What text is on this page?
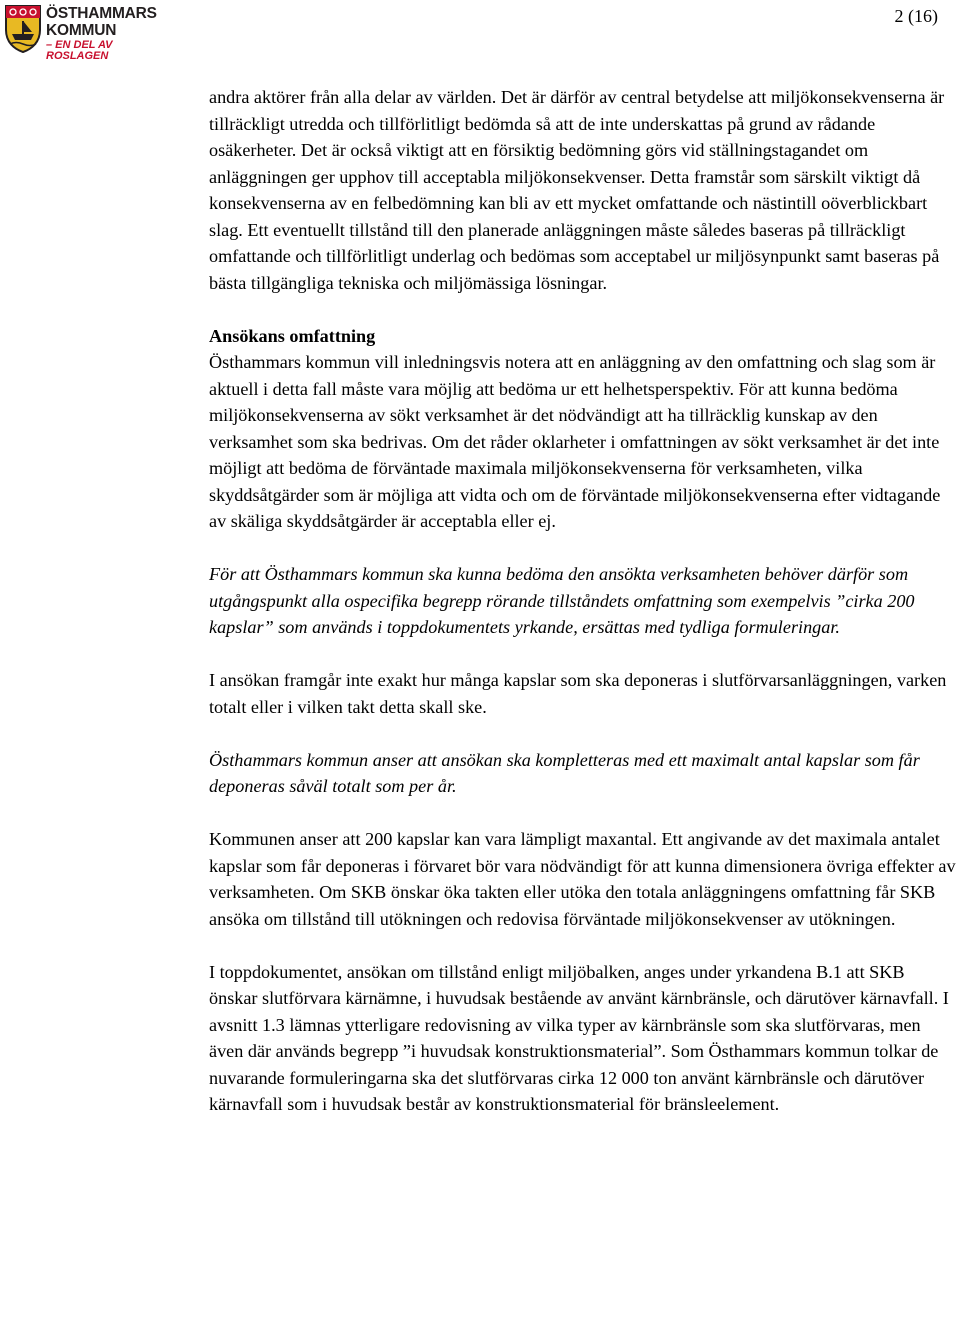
ÖSTHAMMARS
KOMMUN
– EN DEL AV ROSLAGEN
2 (16)

andra aktörer från alla delar av världen. Det är därför av central betydelse att miljökonsekvenserna är tillräckligt utredda och tillförlitligt bedömda så att de inte underskattas på grund av rådande osäkerheter. Det är också viktigt att en försiktig bedömning görs vid ställningstagandet om anläggningen ger upphov till acceptabla miljökonsekvenser. Detta framstår som särskilt viktigt då konsekvenserna av en felbedömning kan bli av ett mycket omfattande och nästintill oöverblickbart slag. Ett eventuellt tillstånd till den planerade anläggningen måste således baseras på tillräckligt omfattande och tillförlitligt underlag och bedömas som acceptabel ur miljösynpunkt samt baseras på bästa tillgängliga tekniska och miljömässiga lösningar.

Ansökans omfattning

Östhammars kommun vill inledningsvis notera att en anläggning av den omfattning och slag som är aktuell i detta fall måste vara möjlig att bedöma ur ett helhetsperspektiv. För att kunna bedöma miljökonsekvenserna av sökt verksamhet är det nödvändigt att ha tillräcklig kunskap av den verksamhet som ska bedrivas. Om det råder oklarheter i omfattningen av sökt verksamhet är det inte möjligt att bedöma de förväntade maximala miljökonsekvenserna för verksamheten, vilka skyddsåtgärder som är möjliga att vidta och om de förväntade miljökonsekvenserna efter vidtagande av skäliga skyddsåtgärder är acceptabla eller ej.

För att Östhammars kommun ska kunna bedöma den ansökta verksamheten behöver därför som utgångspunkt alla ospecifika begrepp rörande tillståndets omfattning som exempelvis ”cirka 200 kapslar” som används i toppdokumentets yrkande, ersättas med tydliga formuleringar.

I ansökan framgår inte exakt hur många kapslar som ska deponeras i slutförvarsanläggningen, varken totalt eller i vilken takt detta skall ske.

Östhammars kommun anser att ansökan ska kompletteras med ett maximalt antal kapslar som får deponeras såväl totalt som per år.

Kommunen anser att 200 kapslar kan vara lämpligt maxantal. Ett angivande av det maximala antalet kapslar som får deponeras i förvaret bör vara nödvändigt för att kunna dimensionera övriga effekter av verksamheten. Om SKB önskar öka takten eller utöka den totala anläggningens omfattning får SKB ansöka om tillstånd till utökningen och redovisa förväntade miljökonsekvenser av utökningen.

I toppdokumentet, ansökan om tillstånd enligt miljöbalken, anges under yrkandena B.1 att SKB önskar slutförvara kärnämne, i huvudsak bestående av använt kärnbränsle, och därutöver kärnavfall. I avsnitt 1.3 lämnas ytterligare redovisning av vilka typer av kärnbränsle som ska slutförvaras, men även där används begrepp ”i huvudsak konstruktionsmaterial”. Som Östhammars kommun tolkar de nuvarande formuleringarna ska det slutförvaras cirka 12 000 ton använt kärnbränsle och därutöver kärnavfall som i huvudsak består av konstruktionsmaterial för bränsleelement.
